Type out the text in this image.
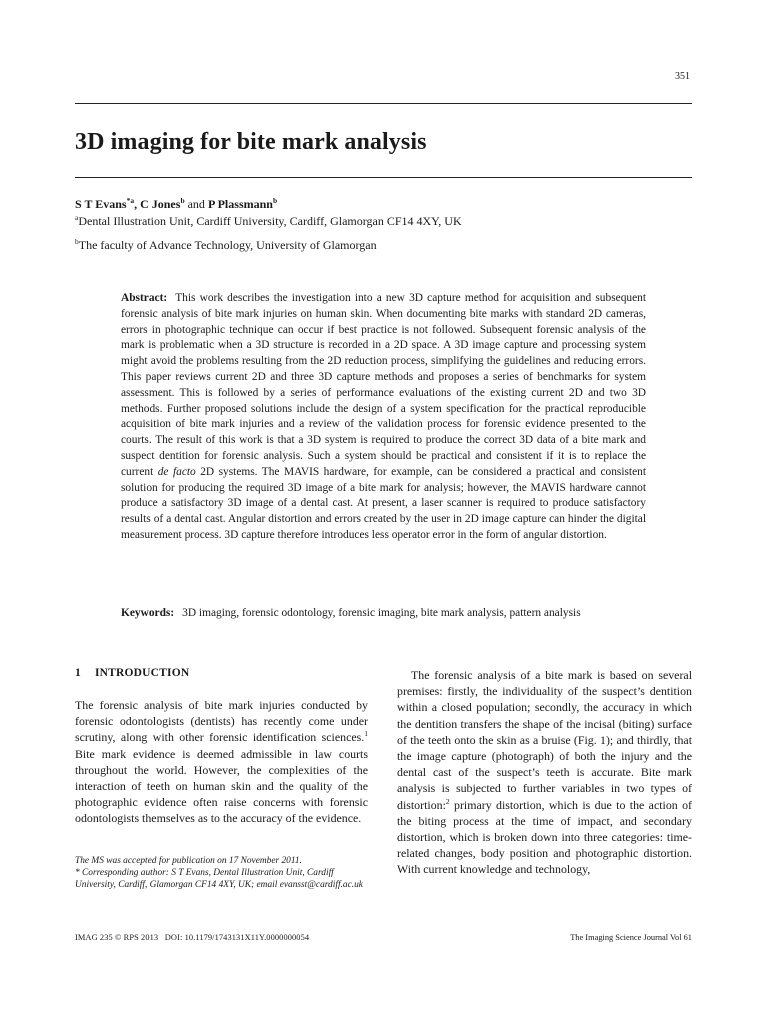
351
3D imaging for bite mark analysis
S T Evans$^{*a}$, C Jones$^b$ and P Plassmann$^b$
$^a$Dental Illustration Unit, Cardiff University, Cardiff, Glamorgan CF14 4XY, UK
$^b$The faculty of Advance Technology, University of Glamorgan
Abstract: This work describes the investigation into a new 3D capture method for acquisition and subsequent forensic analysis of bite mark injuries on human skin. When documenting bite marks with standard 2D cameras, errors in photographic technique can occur if best practice is not followed. Subsequent forensic analysis of the mark is problematic when a 3D structure is recorded in a 2D space. A 3D image capture and processing system might avoid the problems resulting from the 2D reduction process, simplifying the guidelines and reducing errors. This paper reviews current 2D and three 3D capture methods and proposes a series of benchmarks for system assessment. This is followed by a series of performance evaluations of the existing current 2D and two 3D methods. Further proposed solutions include the design of a system specification for the practical reproducible acquisition of bite mark injuries and a review of the validation process for forensic evidence presented to the courts. The result of this work is that a 3D system is required to produce the correct 3D data of a bite mark and suspect dentition for forensic analysis. Such a system should be practical and consistent if it is to replace the current de facto 2D systems. The MAVIS hardware, for example, can be considered a practical and consistent solution for producing the required 3D image of a bite mark for analysis; however, the MAVIS hardware cannot produce a satisfactory 3D image of a dental cast. At present, a laser scanner is required to produce satisfactory results of a dental cast. Angular distortion and errors created by the user in 2D image capture can hinder the digital measurement process. 3D capture therefore introduces less operator error in the form of angular distortion.
Keywords: 3D imaging, forensic odontology, forensic imaging, bite mark analysis, pattern analysis
1 INTRODUCTION
The forensic analysis of bite mark injuries conducted by forensic odontologists (dentists) has recently come under scrutiny, along with other forensic identification sciences.$^1$ Bite mark evidence is deemed admissible in law courts throughout the world. However, the complexities of the interaction of teeth on human skin and the quality of the photographic evidence often raise concerns with forensic odontologists themselves as to the accuracy of the evidence.
The forensic analysis of a bite mark is based on several premises: firstly, the individuality of the suspect’s dentition within a closed population; secondly, the accuracy in which the dentition transfers the shape of the incisal (biting) surface of the teeth onto the skin as a bruise (Fig. 1); and thirdly, that the image capture (photograph) of both the injury and the dental cast of the suspect’s teeth is accurate. Bite mark analysis is subjected to further variables in two types of distortion:$^2$ primary distortion, which is due to the action of the biting process at the time of impact, and secondary distortion, which is broken down into three categories: time-related changes, body position and photographic distortion. With current knowledge and technology,

The MS was accepted for publication on 17 November 2011.

* Corresponding author: S T Evans, Dental Illustration Unit, Cardiff University, Cardiff, Glamorgan CF14 4XY, UK; email evansst@cardiff.ac.uk

IMAG 235 © RPS 2013   DOI: 10.1179/1743131X11Y.0000000054	The Imaging Science Journal Vol 61
